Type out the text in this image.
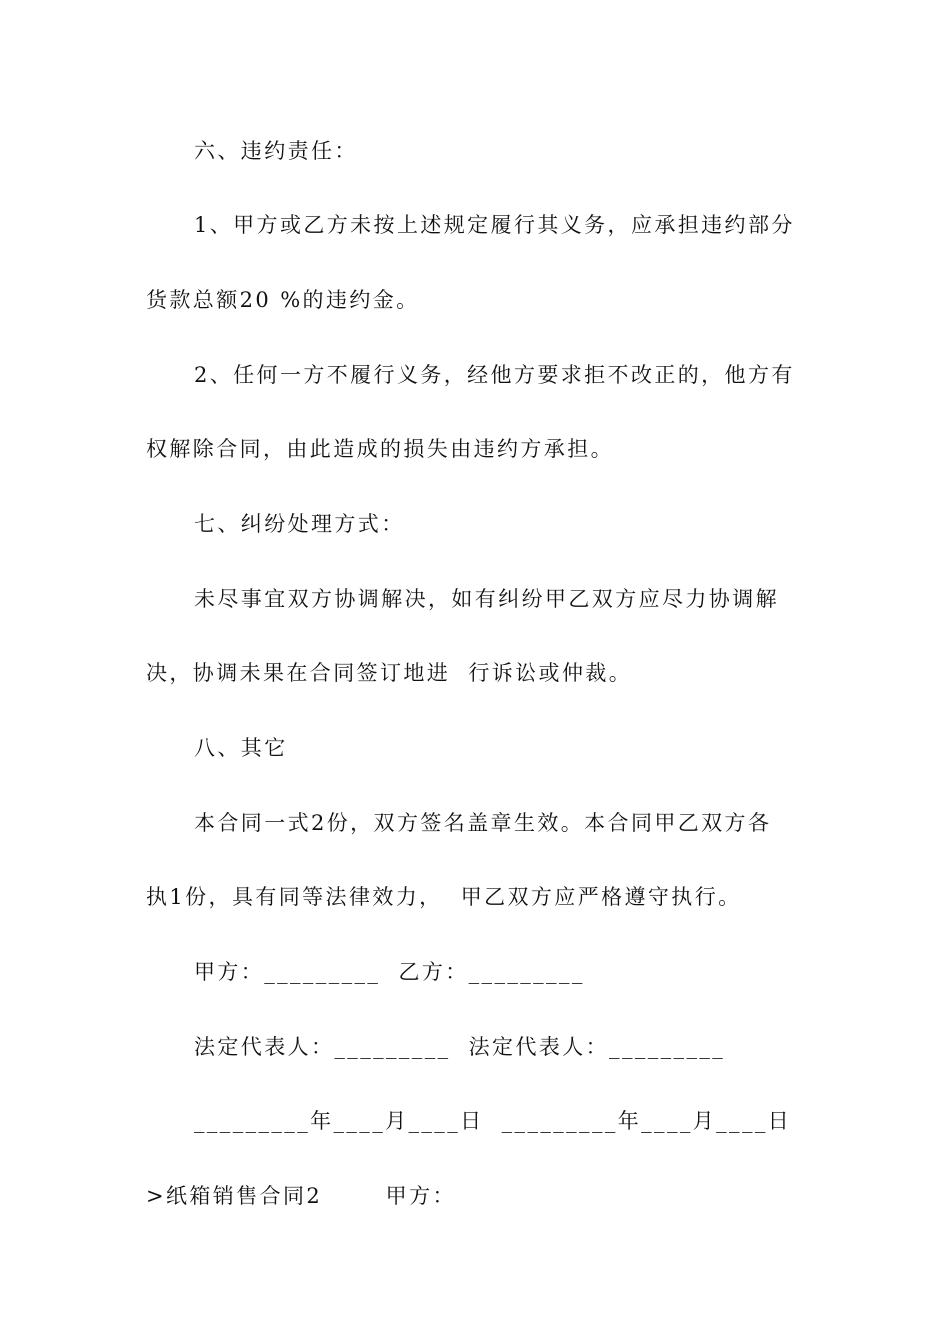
六、违约责任：
1、甲方或乙方未按上述规定履行其义务，应承担违约部分
货款总额20 %的违约金。
2、任何一方不履行义务，经他方要求拒不改正的，他方有
权解除合同，由此造成的损失由违约方承担。
七、纠纷处理方式：
未尽事宜双方协调解决，如有纠纷甲乙双方应尽力协调解
决，协调未果在合同签订地进  行诉讼或仲裁。
八、其它
本合同一式2份，双方签名盖章生效。本合同甲乙双方各
执1份，具有同等法律效力，  甲乙双方应严格遵守执行。
甲方：_________  乙方：_________
法定代表人：_________  法定代表人：_________
_________年____月____日  _________年____月____日
>纸箱销售合同2       甲方：
